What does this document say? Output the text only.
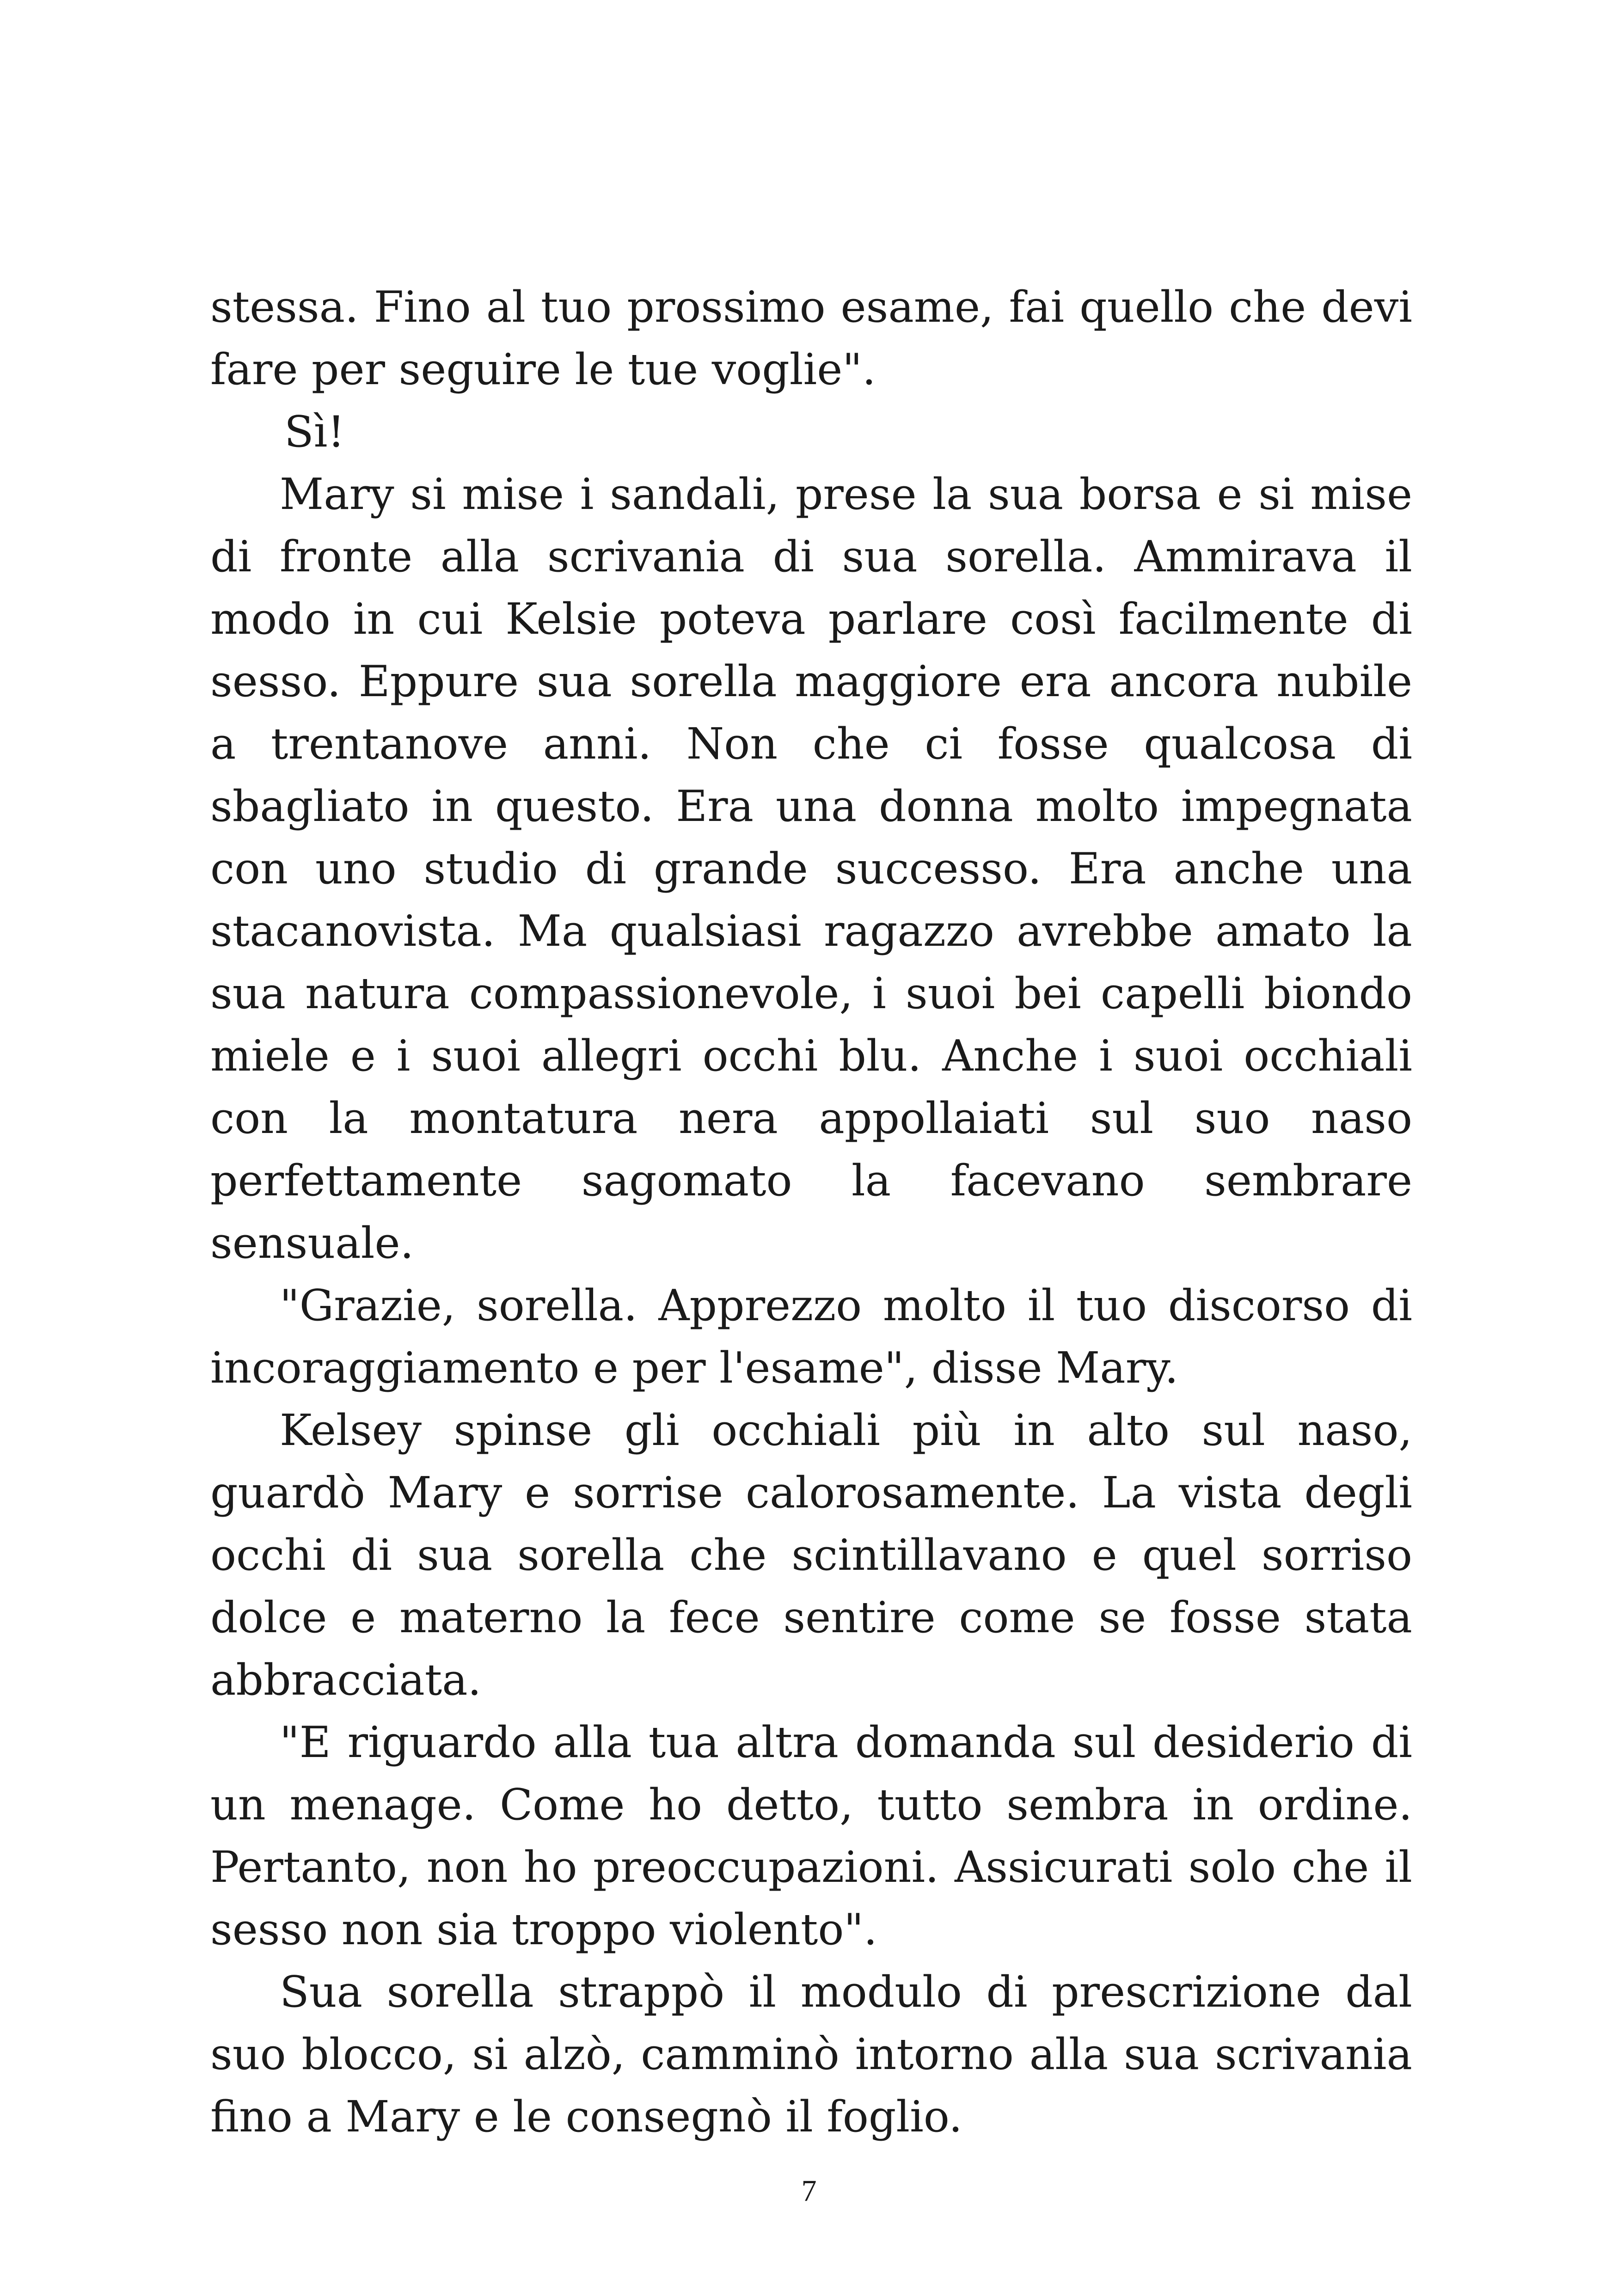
stessa. Fino al tuo prossimo esame, fai quello che devi fare per seguire le tue voglie".

Sì!

Mary si mise i sandali, prese la sua borsa e si mise di fronte alla scrivania di sua sorella. Ammirava il modo in cui Kelsie poteva parlare così facilmente di sesso. Eppure sua sorella maggiore era ancora nubile a trentanove anni. Non che ci fosse qualcosa di sbagliato in questo. Era una donna molto impegnata con uno studio di grande successo. Era anche una stacanovista. Ma qualsiasi ragazzo avrebbe amato la sua natura compassionevole, i suoi bei capelli biondo miele e i suoi allegri occhi blu. Anche i suoi occhiali con la montatura nera appollaiati sul suo naso perfettamente sagomato la facevano sembrare sensuale.

"Grazie, sorella. Apprezzo molto il tuo discorso di incoraggiamento e per l'esame", disse Mary.

Kelsey spinse gli occhiali più in alto sul naso, guardò Mary e sorrise calorosamente. La vista degli occhi di sua sorella che scintillavano e quel sorriso dolce e materno la fece sentire come se fosse stata abbracciata.

"E riguardo alla tua altra domanda sul desiderio di un menage. Come ho detto, tutto sembra in ordine. Pertanto, non ho preoccupazioni. Assicurati solo che il sesso non sia troppo violento".

Sua sorella strappò il modulo di prescrizione dal suo blocco, si alzò, camminò intorno alla sua scrivania fino a Mary e le consegnò il foglio.

7
